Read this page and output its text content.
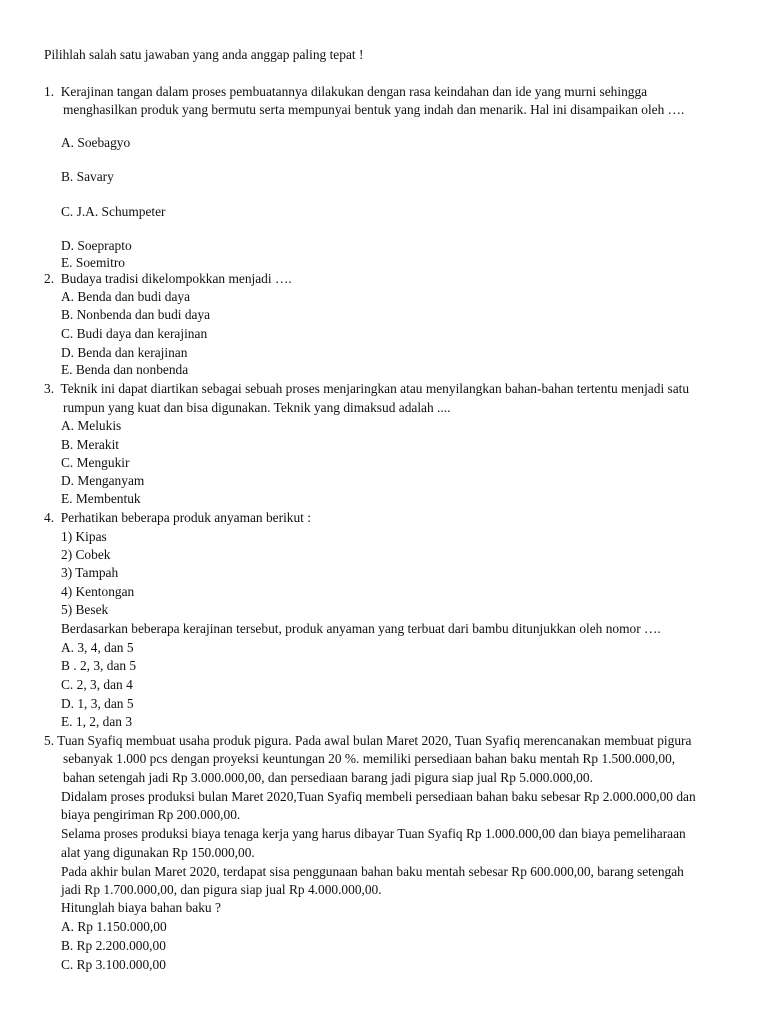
Pilihlah salah satu jawaban yang anda anggap paling tepat !
1.  Kerajinan tangan dalam proses pembuatannya dilakukan dengan rasa keindahan dan ide yang murni sehingga
menghasilkan produk yang bermutu serta mempunyai bentuk yang indah dan menarik. Hal ini disampaikan oleh ….
A. Soebagyo
B. Savary
C. J.A. Schumpeter
D. Soeprapto
E. Soemitro
2.  Budaya tradisi dikelompokkan menjadi ….
A. Benda dan budi daya
B. Nonbenda dan budi daya
C. Budi daya dan kerajinan
D. Benda dan kerajinan
E. Benda dan nonbenda
3.  Teknik ini dapat diartikan sebagai sebuah proses menjaringkan atau menyilangkan bahan-bahan tertentu menjadi satu
rumpun yang kuat dan bisa digunakan. Teknik yang dimaksud adalah ....
A. Melukis
B. Merakit
C. Mengukir
D. Menganyam
E. Membentuk
4.  Perhatikan beberapa produk anyaman berikut :
1) Kipas
2) Cobek
3) Tampah
4) Kentongan
5) Besek
Berdasarkan beberapa kerajinan tersebut, produk anyaman yang terbuat dari bambu ditunjukkan oleh nomor ….
A. 3, 4, dan 5
B . 2, 3, dan 5
C. 2, 3, dan 4
D. 1, 3, dan 5
E. 1, 2, dan 3
5. Tuan Syafiq membuat usaha produk pigura. Pada awal bulan Maret 2020, Tuan Syafiq merencanakan membuat pigura
sebanyak 1.000 pcs dengan proyeksi keuntungan 20 %. memiliki persediaan bahan baku mentah Rp 1.500.000,00,
bahan setengah jadi Rp 3.000.000,00, dan persediaan barang jadi pigura siap jual Rp 5.000.000,00.
Didalam proses produksi bulan Maret 2020,Tuan Syafiq membeli persediaan bahan baku sebesar Rp 2.000.000,00 dan
biaya pengiriman Rp 200.000,00.
Selama proses produksi biaya tenaga kerja yang harus dibayar Tuan Syafiq Rp 1.000.000,00 dan biaya pemeliharaan
alat yang digunakan Rp 150.000,00.
Pada akhir bulan Maret 2020, terdapat sisa penggunaan bahan baku mentah sebesar Rp 600.000,00, barang setengah
jadi Rp 1.700.000,00, dan pigura siap jual Rp 4.000.000,00.
Hitunglah biaya bahan baku ?
A. Rp 1.150.000,00
B. Rp 2.200.000,00
C. Rp 3.100.000,00
